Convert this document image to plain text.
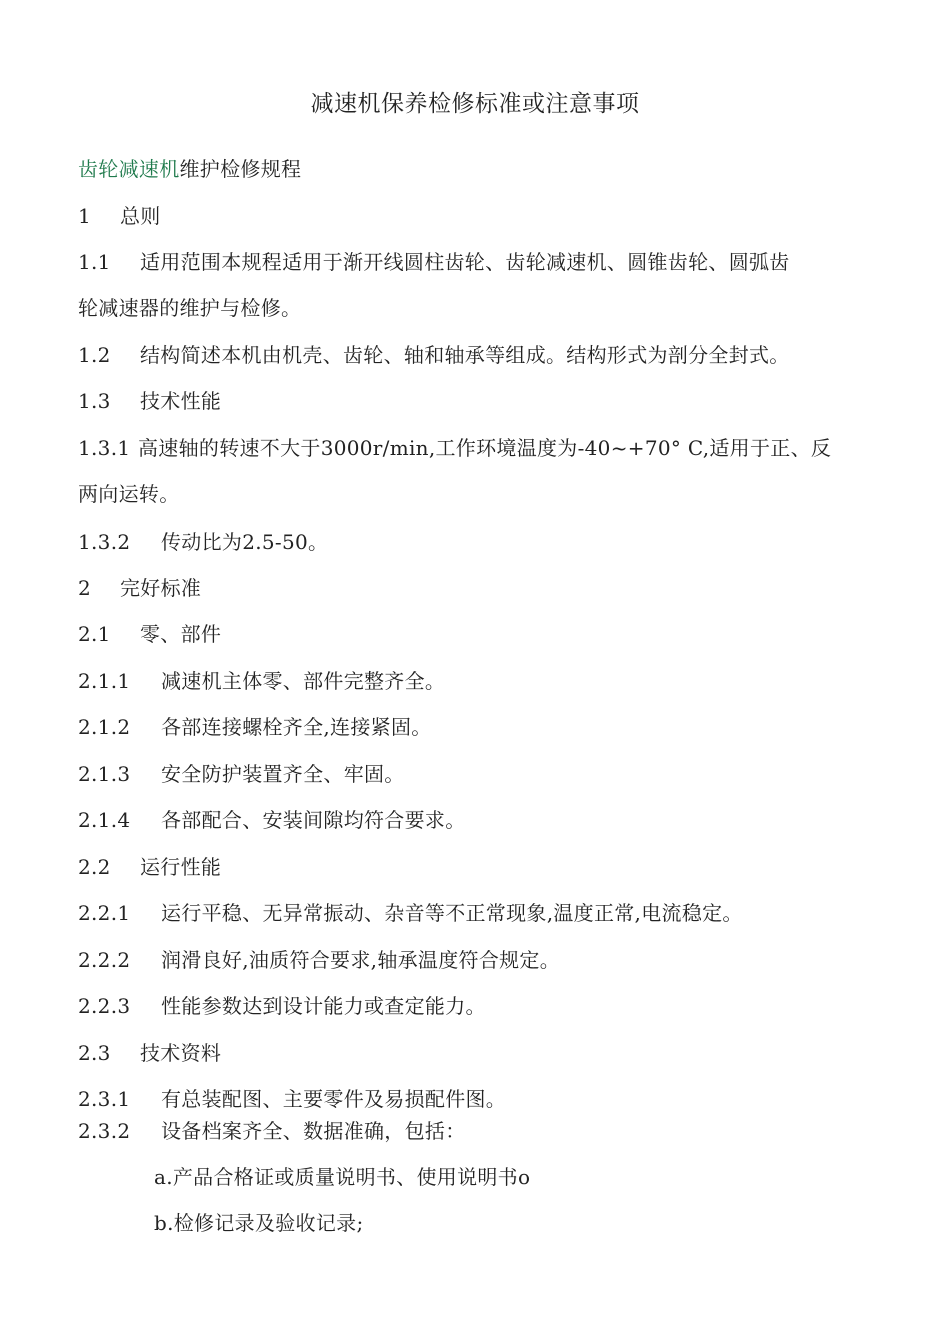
减速机保养检修标准或注意事项
齿轮减速机维护检修规程
1 总则
1.1 适用范围本规程适用于渐开线圆柱齿轮、齿轮减速机、圆锥齿轮、圆弧齿
轮减速器的维护与检修。
1.2 结构简述本机由机壳、齿轮、轴和轴承等组成。结构形式为剖分全封式。
1.3 技术性能
1.3.1 高速轴的转速不大于3000r/min,工作环境温度为-40~+70° C,适用于正、反
两向运转。
1.3.2 传动比为2.5-50。
2 完好标准
2.1 零、部件
2.1.1 减速机主体零、部件完整齐全。
2.1.2 各部连接螺栓齐全,连接紧固。
2.1.3 安全防护装置齐全、牢固。
2.1.4 各部配合、安装间隙均符合要求。
2.2 运行性能
2.2.1 运行平稳、无异常振动、杂音等不正常现象,温度正常,电流稳定。
2.2.2 润滑良好,油质符合要求,轴承温度符合规定。
2.2.3 性能参数达到设计能力或查定能力。
2.3 技术资料
2.3.1 有总装配图、主要零件及易损配件图。
2.3.2 设备档案齐全、数据准确，包括：
a.产品合格证或质量说明书、使用说明书o
b.检修记录及验收记录;
